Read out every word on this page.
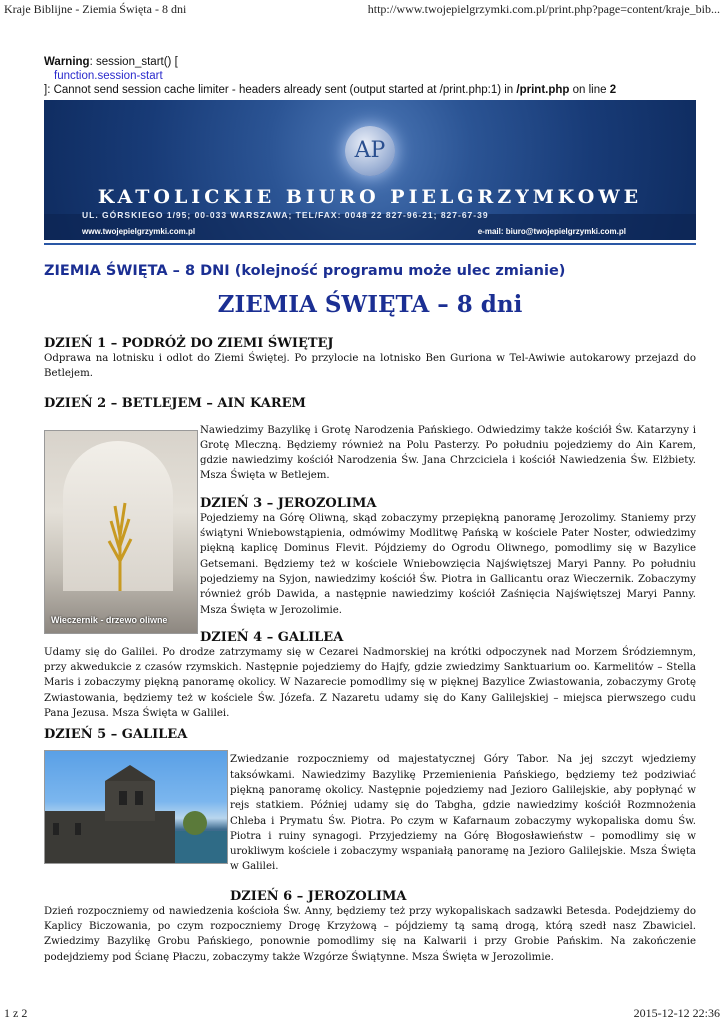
Kraje Biblijne - Ziemia Święta - 8 dni	http://www.twojepielgrzymki.com.pl/print.php?page=content/kraje_bib...
Warning: session_start() [
function.session-start
]: Cannot send session cache limiter - headers already sent (output started at /print.php:1) in /print.php on line 2
AP
KATOLICKIE BIURO PIELGRZYMKOWE
UL. GÓRSKIEGO 1/95; 00-033 WARSZAWA; TEL/FAX: 0048 22 827-96-21; 827-67-39
www.twojepielgrzymki.com.pl	e-mail: biuro@twojepielgrzymki.com.pl
ZIEMIA ŚWIĘTA – 8 DNI (kolejność programu może ulec zmianie)
ZIEMIA ŚWIĘTA – 8 dni
DZIEŃ 1 – PODRÓŻ DO ZIEMI ŚWIĘTEJ

Odprawa na lotnisku i odlot do Ziemi Świętej. Po przylocie na lotnisko Ben Guriona w Tel-Awiwie autokarowy przejazd do Betlejem.

DZIEŃ 2 – BETLEJEM – AIN KAREM

Nawiedzimy Bazylikę i Grotę Narodzenia Pańskiego. Odwiedzimy także kościół Św. Katarzyny i Grotę Mleczną. Będziemy również na Polu Pasterzy. Po południu pojedziemy do Ain Karem, gdzie nawiedzimy kościół Narodzenia Św. Jana Chrzciciela i kościół Nawiedzenia Św. Elżbiety. Msza Święta w Betlejem.

DZIEŃ 3 – JEROZOLIMA

Pojedziemy na Górę Oliwną, skąd zobaczymy przepiękną panoramę Jerozolimy. Staniemy przy świątyni Wniebowstąpienia, odmówimy Modlitwę Pańską w kościele Pater Noster, odwiedzimy piękną kaplicę Dominus Flevit. Pójdziemy do Ogrodu Oliwnego, pomodlimy się w Bazylice Getsemani. Będziemy też w kościele Wniebowzięcia Najświętszej Maryi Panny. Po południu pojedziemy na Syjon, nawiedzimy kościół Św. Piotra in Gallicantu oraz Wieczernik. Zobaczymy również grób Dawida, a następnie nawiedzimy kościół Zaśnięcia Najświętszej Maryi Panny. Msza Święta w Jerozolimie.

DZIEŃ 4 – GALILEA

Udamy się do Galilei. Po drodze zatrzymamy się w Cezarei Nadmorskiej na krótki odpoczynek nad Morzem Śródziemnym, przy akwedukcie z czasów rzymskich. Następnie pojedziemy do Hajfy, gdzie zwiedzimy Sanktuarium oo. Karmelitów – Stella Maris i zobaczymy piękną panoramę okolicy. W Nazarecie pomodlimy się w pięknej Bazylice Zwiastowania, zobaczymy Grotę Zwiastowania, będziemy też w kościele Św. Józefa. Z Nazaretu udamy się do Kany Galilejskiej – miejsca pierwszego cudu Pana Jezusa. Msza Święta w Galilei.

DZIEŃ 5 – GALILEA

Zwiedzanie rozpoczniemy od majestatycznej Góry Tabor. Na jej szczyt wjedziemy taksówkami. Nawiedzimy Bazylikę Przemienienia Pańskiego, będziemy też podziwiać piękną panoramę okolicy. Następnie pojedziemy nad Jezioro Galilejskie, aby popłynąć w rejs statkiem. Później udamy się do Tabgha, gdzie nawiedzimy kościół Rozmnożenia Chleba i Prymatu Św. Piotra. Po czym w Kafarnaum zobaczymy wykopaliska domu Św. Piotra i ruiny synagogi. Przyjedziemy na Górę Błogosławieństw – pomodlimy się w urokliwym kościele i zobaczymy wspaniałą panoramę na Jezioro Galilejskie. Msza Święta w Galilei.

DZIEŃ 6 – JEROZOLIMA

Dzień rozpoczniemy od nawiedzenia kościoła Św. Anny, będziemy też przy wykopaliskach sadzawki Betesda. Podejdziemy do Kaplicy Biczowania, po czym rozpoczniemy Drogę Krzyżową – pójdziemy tą samą drogą, którą szedł nasz Zbawiciel. Zwiedzimy Bazylikę Grobu Pańskiego, ponownie pomodlimy się na Kalwarii i przy Grobie Pańskim. Na zakończenie podejdziemy pod Ścianę Płaczu, zobaczymy także Wzgórze Świątynne. Msza Święta w Jerozolimie.

Wieczernik - drzewo oliwne
1 z 2	2015-12-12 22:36
